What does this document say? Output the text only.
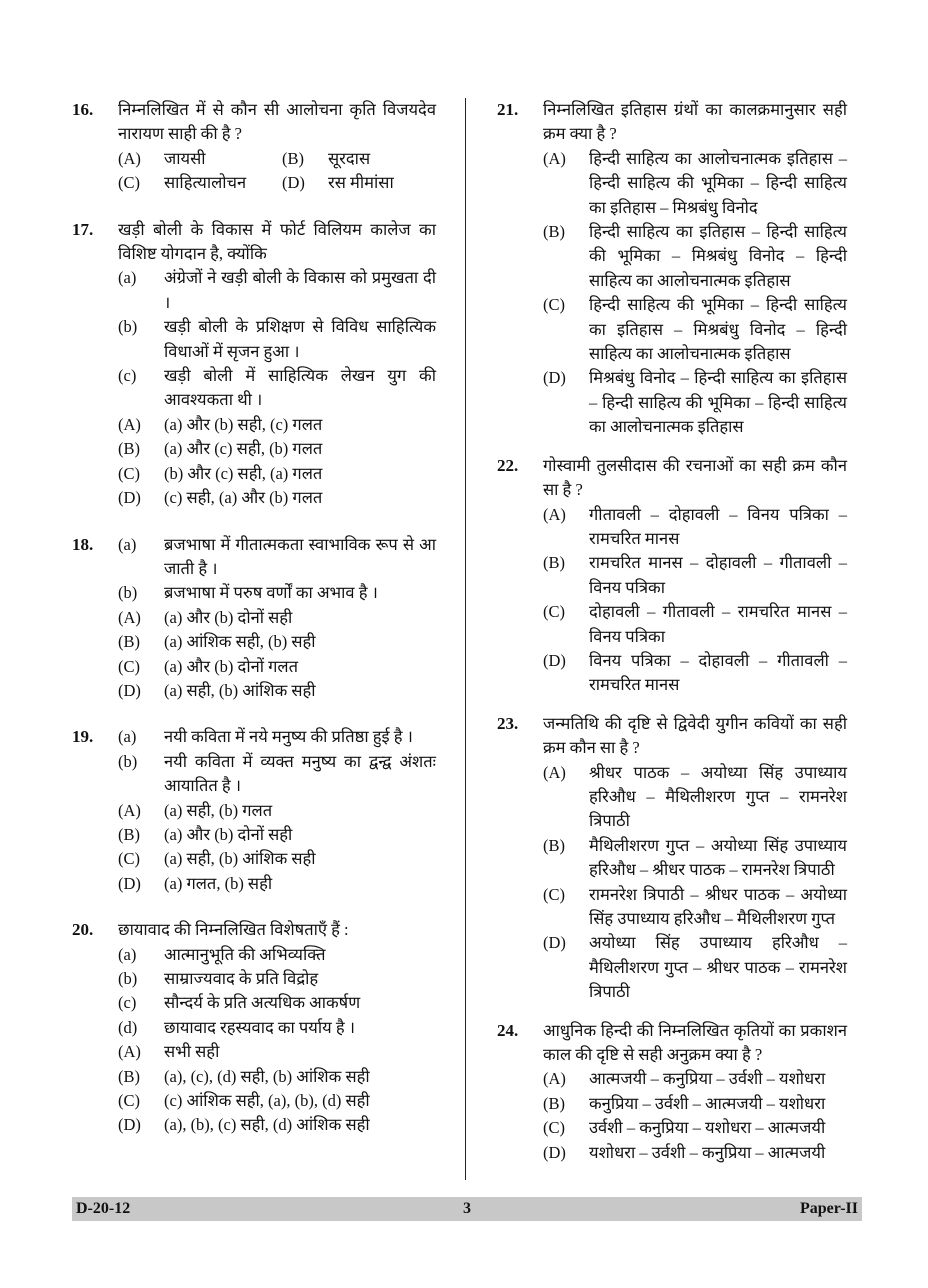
16. निम्नलिखित में से कौन सी आलोचना कृति विजयदेव नारायण साही की है ?
(A) जायसी	(B) सूरदास
(C) साहित्यालोचन	(D) रस मीमांसा
17. खड़ी बोली के विकास में फोर्ट विलियम कालेज का विशिष्ट योगदान है, क्योंकि
(a) अंग्रेजों ने खड़ी बोली के विकास को प्रमुखता दी ।
(b) खड़ी बोली के प्रशिक्षण से विविध साहित्यिक विधाओं में सृजन हुआ ।
(c) खड़ी बोली में साहित्यिक लेखन युग की आवश्यकता थी ।
(A) (a) और (b) सही, (c) गलत
(B) (a) और (c) सही, (b) गलत
(C) (b) और (c) सही, (a) गलत
(D) (c) सही, (a) और (b) गलत
18. (a) ब्रजभाषा में गीतात्मकता स्वाभाविक रूप से आ जाती है ।
(b) ब्रजभाषा में परुष वर्णों का अभाव है ।
(A) (a) और (b) दोनों सही
(B) (a) आंशिक सही, (b) सही
(C) (a) और (b) दोनों गलत
(D) (a) सही, (b) आंशिक सही
19. (a) नयी कविता में नये मनुष्य की प्रतिष्ठा हुई है ।
(b) नयी कविता में व्यक्त मनुष्य का द्वन्द्व अंशतः आयातित है ।
(A) (a) सही, (b) गलत
(B) (a) और (b) दोनों सही
(C) (a) सही, (b) आंशिक सही
(D) (a) गलत, (b) सही
20. छायावाद की निम्नलिखित विशेषताएँ हैं :
(a) आत्मानुभूति की अभिव्यक्ति
(b) साम्राज्यवाद के प्रति विद्रोह
(c) सौन्दर्य के प्रति अत्यधिक आकर्षण
(d) छायावाद रहस्यवाद का पर्याय है ।
(A) सभी सही
(B) (a), (c), (d) सही, (b) आंशिक सही
(C) (c) आंशिक सही, (a), (b), (d) सही
(D) (a), (b), (c) सही, (d) आंशिक सही
21. निम्नलिखित इतिहास ग्रंथों का कालक्रमानुसार सही क्रम क्या है ?
(A) हिन्दी साहित्य का आलोचनात्मक इतिहास – हिन्दी साहित्य की भूमिका – हिन्दी साहित्य का इतिहास – मिश्रबंधु विनोद
(B) हिन्दी साहित्य का इतिहास – हिन्दी साहित्य की भूमिका – मिश्रबंधु विनोद – हिन्दी साहित्य का आलोचनात्मक इतिहास
(C) हिन्दी साहित्य की भूमिका – हिन्दी साहित्य का इतिहास – मिश्रबंधु विनोद – हिन्दी साहित्य का आलोचनात्मक इतिहास
(D) मिश्रबंधु विनोद – हिन्दी साहित्य का इतिहास – हिन्दी साहित्य की भूमिका – हिन्दी साहित्य का आलोचनात्मक इतिहास
22. गोस्वामी तुलसीदास की रचनाओं का सही क्रम कौन सा है ?
(A) गीतावली – दोहावली – विनय पत्रिका – रामचरित मानस
(B) रामचरित मानस – दोहावली – गीतावली – विनय पत्रिका
(C) दोहावली – गीतावली – रामचरित मानस – विनय पत्रिका
(D) विनय पत्रिका – दोहावली – गीतावली – रामचरित मानस
23. जन्मतिथि की दृष्टि से द्विवेदी युगीन कवियों का सही क्रम कौन सा है ?
(A) श्रीधर पाठक – अयोध्या सिंह उपाध्याय हरिऔध – मैथिलीशरण गुप्त – रामनरेश त्रिपाठी
(B) मैथिलीशरण गुप्त – अयोध्या सिंह उपाध्याय हरिऔध – श्रीधर पाठक – रामनरेश त्रिपाठी
(C) रामनरेश त्रिपाठी – श्रीधर पाठक – अयोध्या सिंह उपाध्याय हरिऔध – मैथिलीशरण गुप्त
(D) अयोध्या सिंह उपाध्याय हरिऔध – मैथिलीशरण गुप्त – श्रीधर पाठक – रामनरेश त्रिपाठी
24. आधुनिक हिन्दी की निम्नलिखित कृतियों का प्रकाशन काल की दृष्टि से सही अनुक्रम क्या है ?
(A) आत्मजयी – कनुप्रिया – उर्वशी – यशोधरा
(B) कनुप्रिया – उर्वशी – आत्मजयी – यशोधरा
(C) उर्वशी – कनुप्रिया – यशोधरा – आत्मजयी
(D) यशोधरा – उर्वशी – कनुप्रिया – आत्मजयी
D-20-12	3	Paper-II
